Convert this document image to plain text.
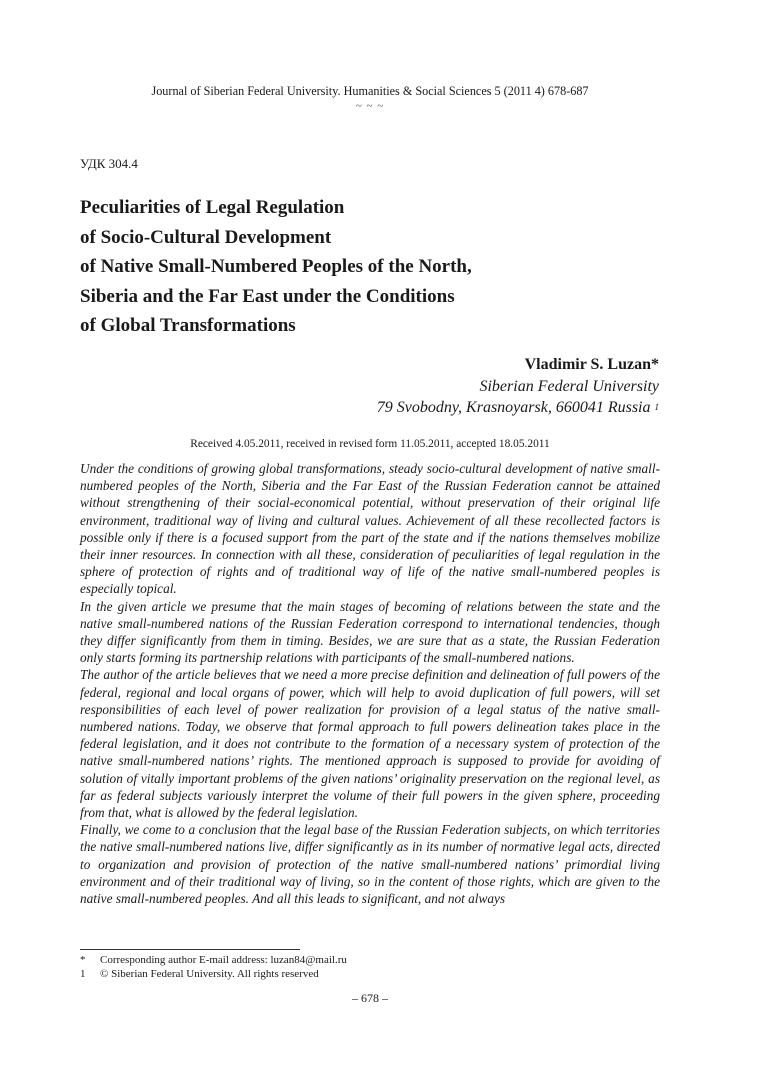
Journal of Siberian Federal University. Humanities & Social Sciences 5 (2011 4) 678-687
~ ~ ~
УДК 304.4
Peculiarities of Legal Regulation
of Socio-Cultural Development
of Native Small-Numbered Peoples of the North,
Siberia and the Far East under the Conditions
of Global Transformations
Vladimir S. Luzan*
Siberian Federal University
79 Svobodny, Krasnoyarsk, 660041 Russia $^1$
Received 4.05.2011, received in revised form 11.05.2011, accepted 18.05.2011

Under the conditions of growing global transformations, steady socio-cultural development of native small-numbered peoples of the North, Siberia and the Far East of the Russian Federation cannot be attained without strengthening of their social-economical potential, without preservation of their original life environment, traditional way of living and cultural values. Achievement of all these recollected factors is possible only if there is a focused support from the part of the state and if the nations themselves mobilize their inner resources. In connection with all these, consideration of peculiarities of legal regulation in the sphere of protection of rights and of traditional way of life of the native small-numbered peoples is especially topical.

In the given article we presume that the main stages of becoming of relations between the state and the native small-numbered nations of the Russian Federation correspond to international tendencies, though they differ significantly from them in timing. Besides, we are sure that as a state, the Russian Federation only starts forming its partnership relations with participants of the small-numbered nations.

The author of the article believes that we need a more precise definition and delineation of full powers of the federal, regional and local organs of power, which will help to avoid duplication of full powers, will set responsibilities of each level of power realization for provision of a legal status of the native small-numbered nations. Today, we observe that formal approach to full powers delineation takes place in the federal legislation, and it does not contribute to the formation of a necessary system of protection of the native small-numbered nations’ rights. The mentioned approach is supposed to provide for avoiding of solution of vitally important problems of the given nations’ originality preservation on the regional level, as far as federal subjects variously interpret the volume of their full powers in the given sphere, proceeding from that, what is allowed by the federal legislation.

Finally, we come to a conclusion that the legal base of the Russian Federation subjects, on which territories the native small-numbered nations live, differ significantly as in its number of normative legal acts, directed to organization and provision of protection of the native small-numbered nations’ primordial living environment and of their traditional way of living, so in the content of those rights, which are given to the native small-numbered peoples. And all this leads to significant, and not always

*	Corresponding author E-mail address: luzan84@mail.ru
1	© Siberian Federal University. All rights reserved
– 678 –
